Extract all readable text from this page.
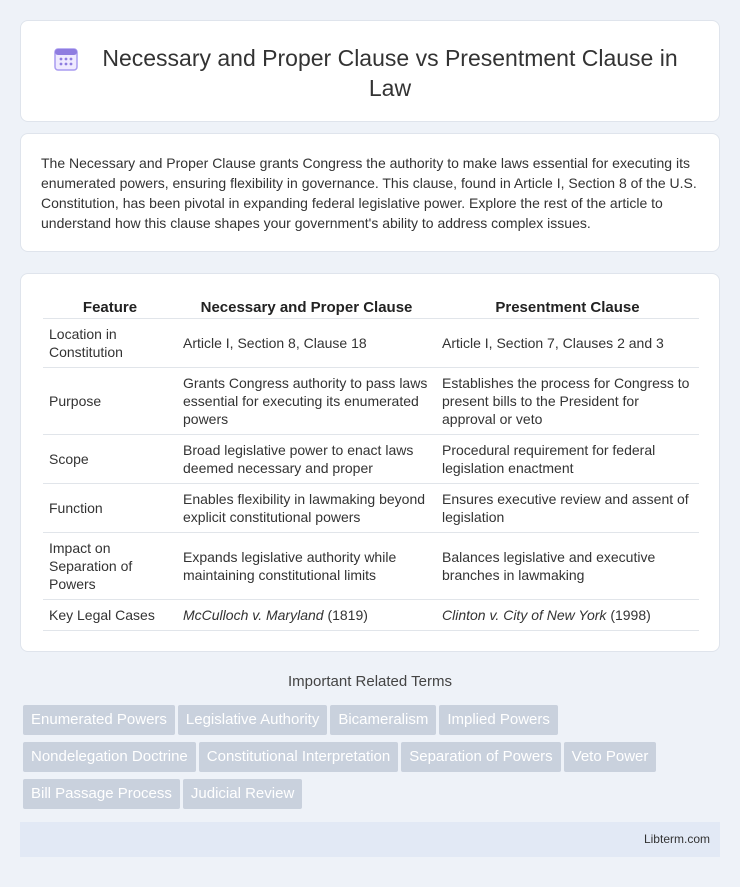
Necessary and Proper Clause vs Presentment Clause in Law

The Necessary and Proper Clause grants Congress the authority to make laws essential for executing its enumerated powers, ensuring flexibility in governance. This clause, found in Article I, Section 8 of the U.S. Constitution, has been pivotal in expanding federal legislative power. Explore the rest of the article to understand how this clause shapes your government's ability to address complex issues.

Feature	Necessary and Proper Clause	Presentment Clause
Location in Constitution	Article I, Section 8, Clause 18	Article I, Section 7, Clauses 2 and 3
Purpose	Grants Congress authority to pass laws essential for executing its enumerated powers	Establishes the process for Congress to present bills to the President for approval or veto
Scope	Broad legislative power to enact laws deemed necessary and proper	Procedural requirement for federal legislation enactment
Function	Enables flexibility in lawmaking beyond explicit constitutional powers	Ensures executive review and assent of legislation
Impact on Separation of Powers	Expands legislative authority while maintaining constitutional limits	Balances legislative and executive branches in lawmaking
Key Legal Cases	McCulloch v. Maryland (1819)	Clinton v. City of New York (1998)
Important Related Terms
Enumerated Powers Legislative Authority Bicameralism Implied Powers
Nondelegation Doctrine Constitutional Interpretation Separation of Powers Veto Power
Bill Passage Process Judicial Review
Libterm.com
